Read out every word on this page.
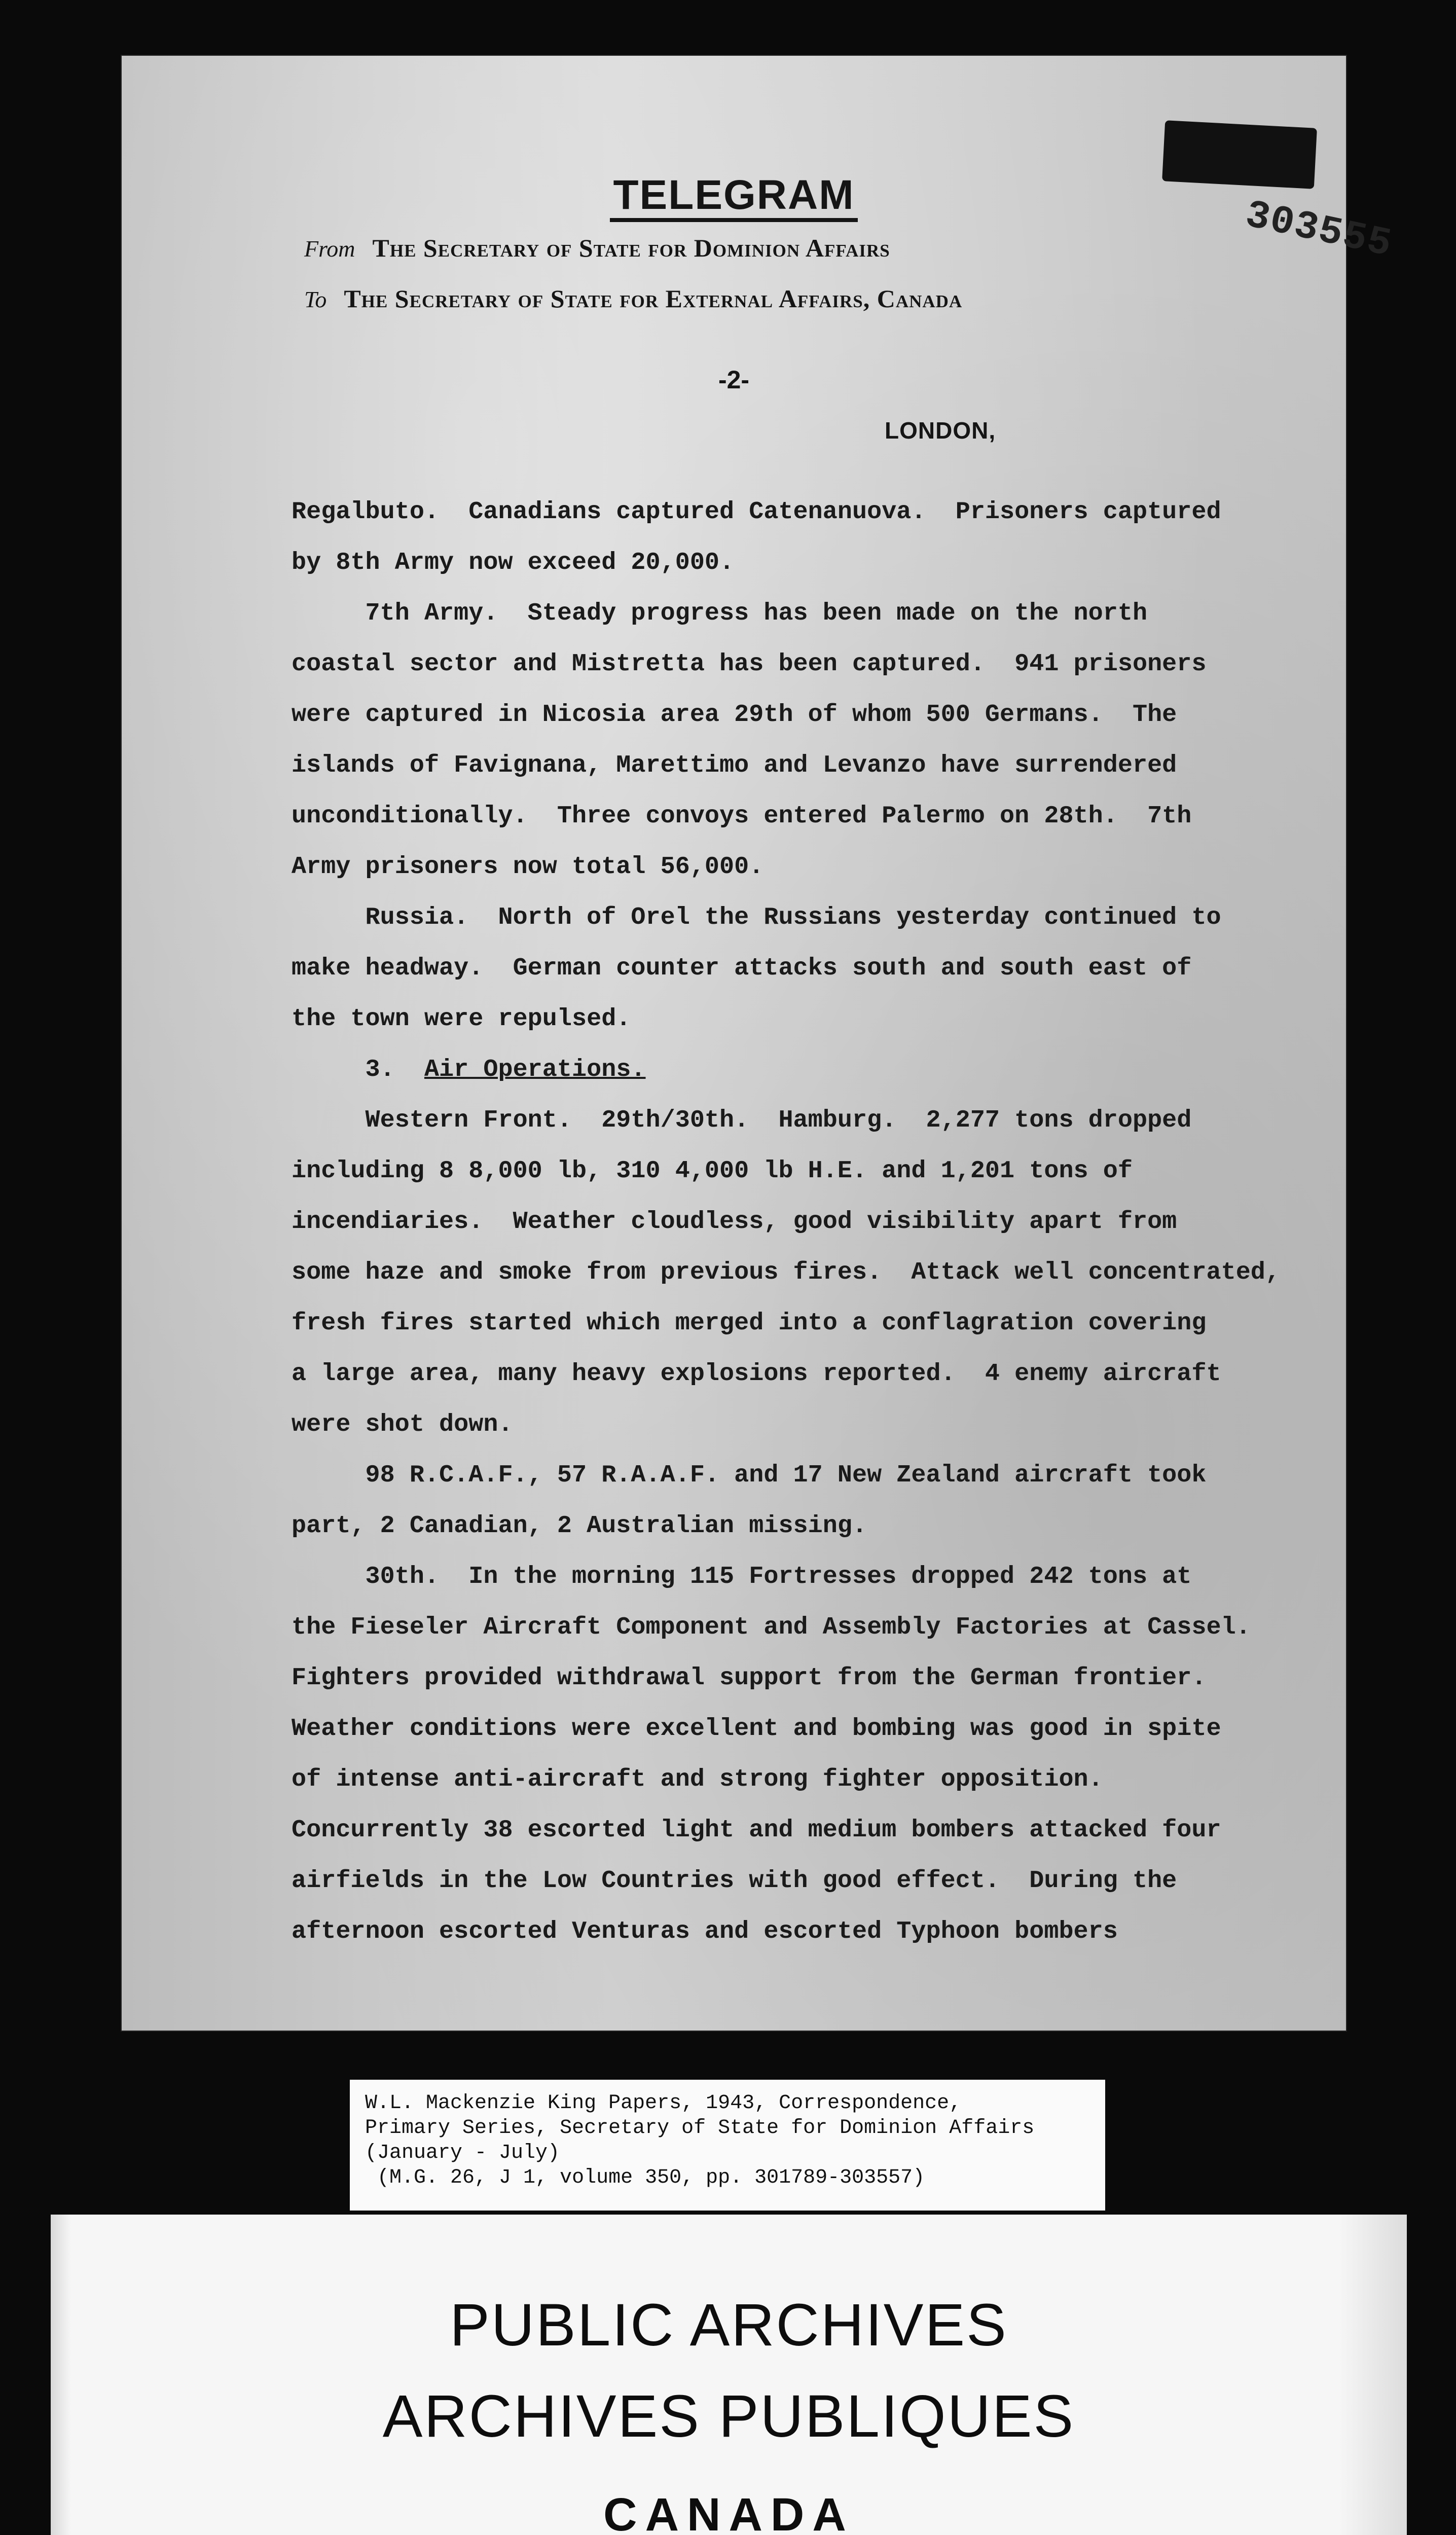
303555
TELEGRAM
From The Secretary of State for Dominion Affairs
To The Secretary of State for External Affairs, Canada
-2-
LONDON,

Regalbuto.  Canadians captured Catenanuova.  Prisoners captured

by 8th Army now exceed 20,000.

7th Army.  Steady progress has been made on the north

coastal sector and Mistretta has been captured.  941 prisoners

were captured in Nicosia area 29th of whom 500 Germans.  The

islands of Favignana, Marettimo and Levanzo have surrendered

unconditionally.  Three convoys entered Palermo on 28th.  7th

Army prisoners now total 56,000.

Russia.  North of Orel the Russians yesterday continued to

make headway.  German counter attacks south and south east of

the town were repulsed.

3.  Air Operations.

Western Front.  29th/30th.  Hamburg.  2,277 tons dropped

including 8 8,000 lb, 310 4,000 lb H.E. and 1,201 tons of

incendiaries.  Weather cloudless, good visibility apart from

some haze and smoke from previous fires.  Attack well concentrated,

fresh fires started which merged into a conflagration covering

a large area, many heavy explosions reported.  4 enemy aircraft

were shot down.

98 R.C.A.F., 57 R.A.A.F. and 17 New Zealand aircraft took

part, 2 Canadian, 2 Australian missing.

30th.  In the morning 115 Fortresses dropped 242 tons at

the Fieseler Aircraft Component and Assembly Factories at Cassel.

Fighters provided withdrawal support from the German frontier.

Weather conditions were excellent and bombing was good in spite

of intense anti-aircraft and strong fighter opposition.

Concurrently 38 escorted light and medium bombers attacked four

airfields in the Low Countries with good effect.  During the

afternoon escorted Venturas and escorted Typhoon bombers

W.L. Mackenzie King Papers, 1943, Correspondence,
Primary Series, Secretary of State for Dominion Affairs
(January - July)
(M.G. 26, J 1, volume 350, pp. 301789-303557)
PUBLIC ARCHIVES
ARCHIVES PUBLIQUES
CANADA
